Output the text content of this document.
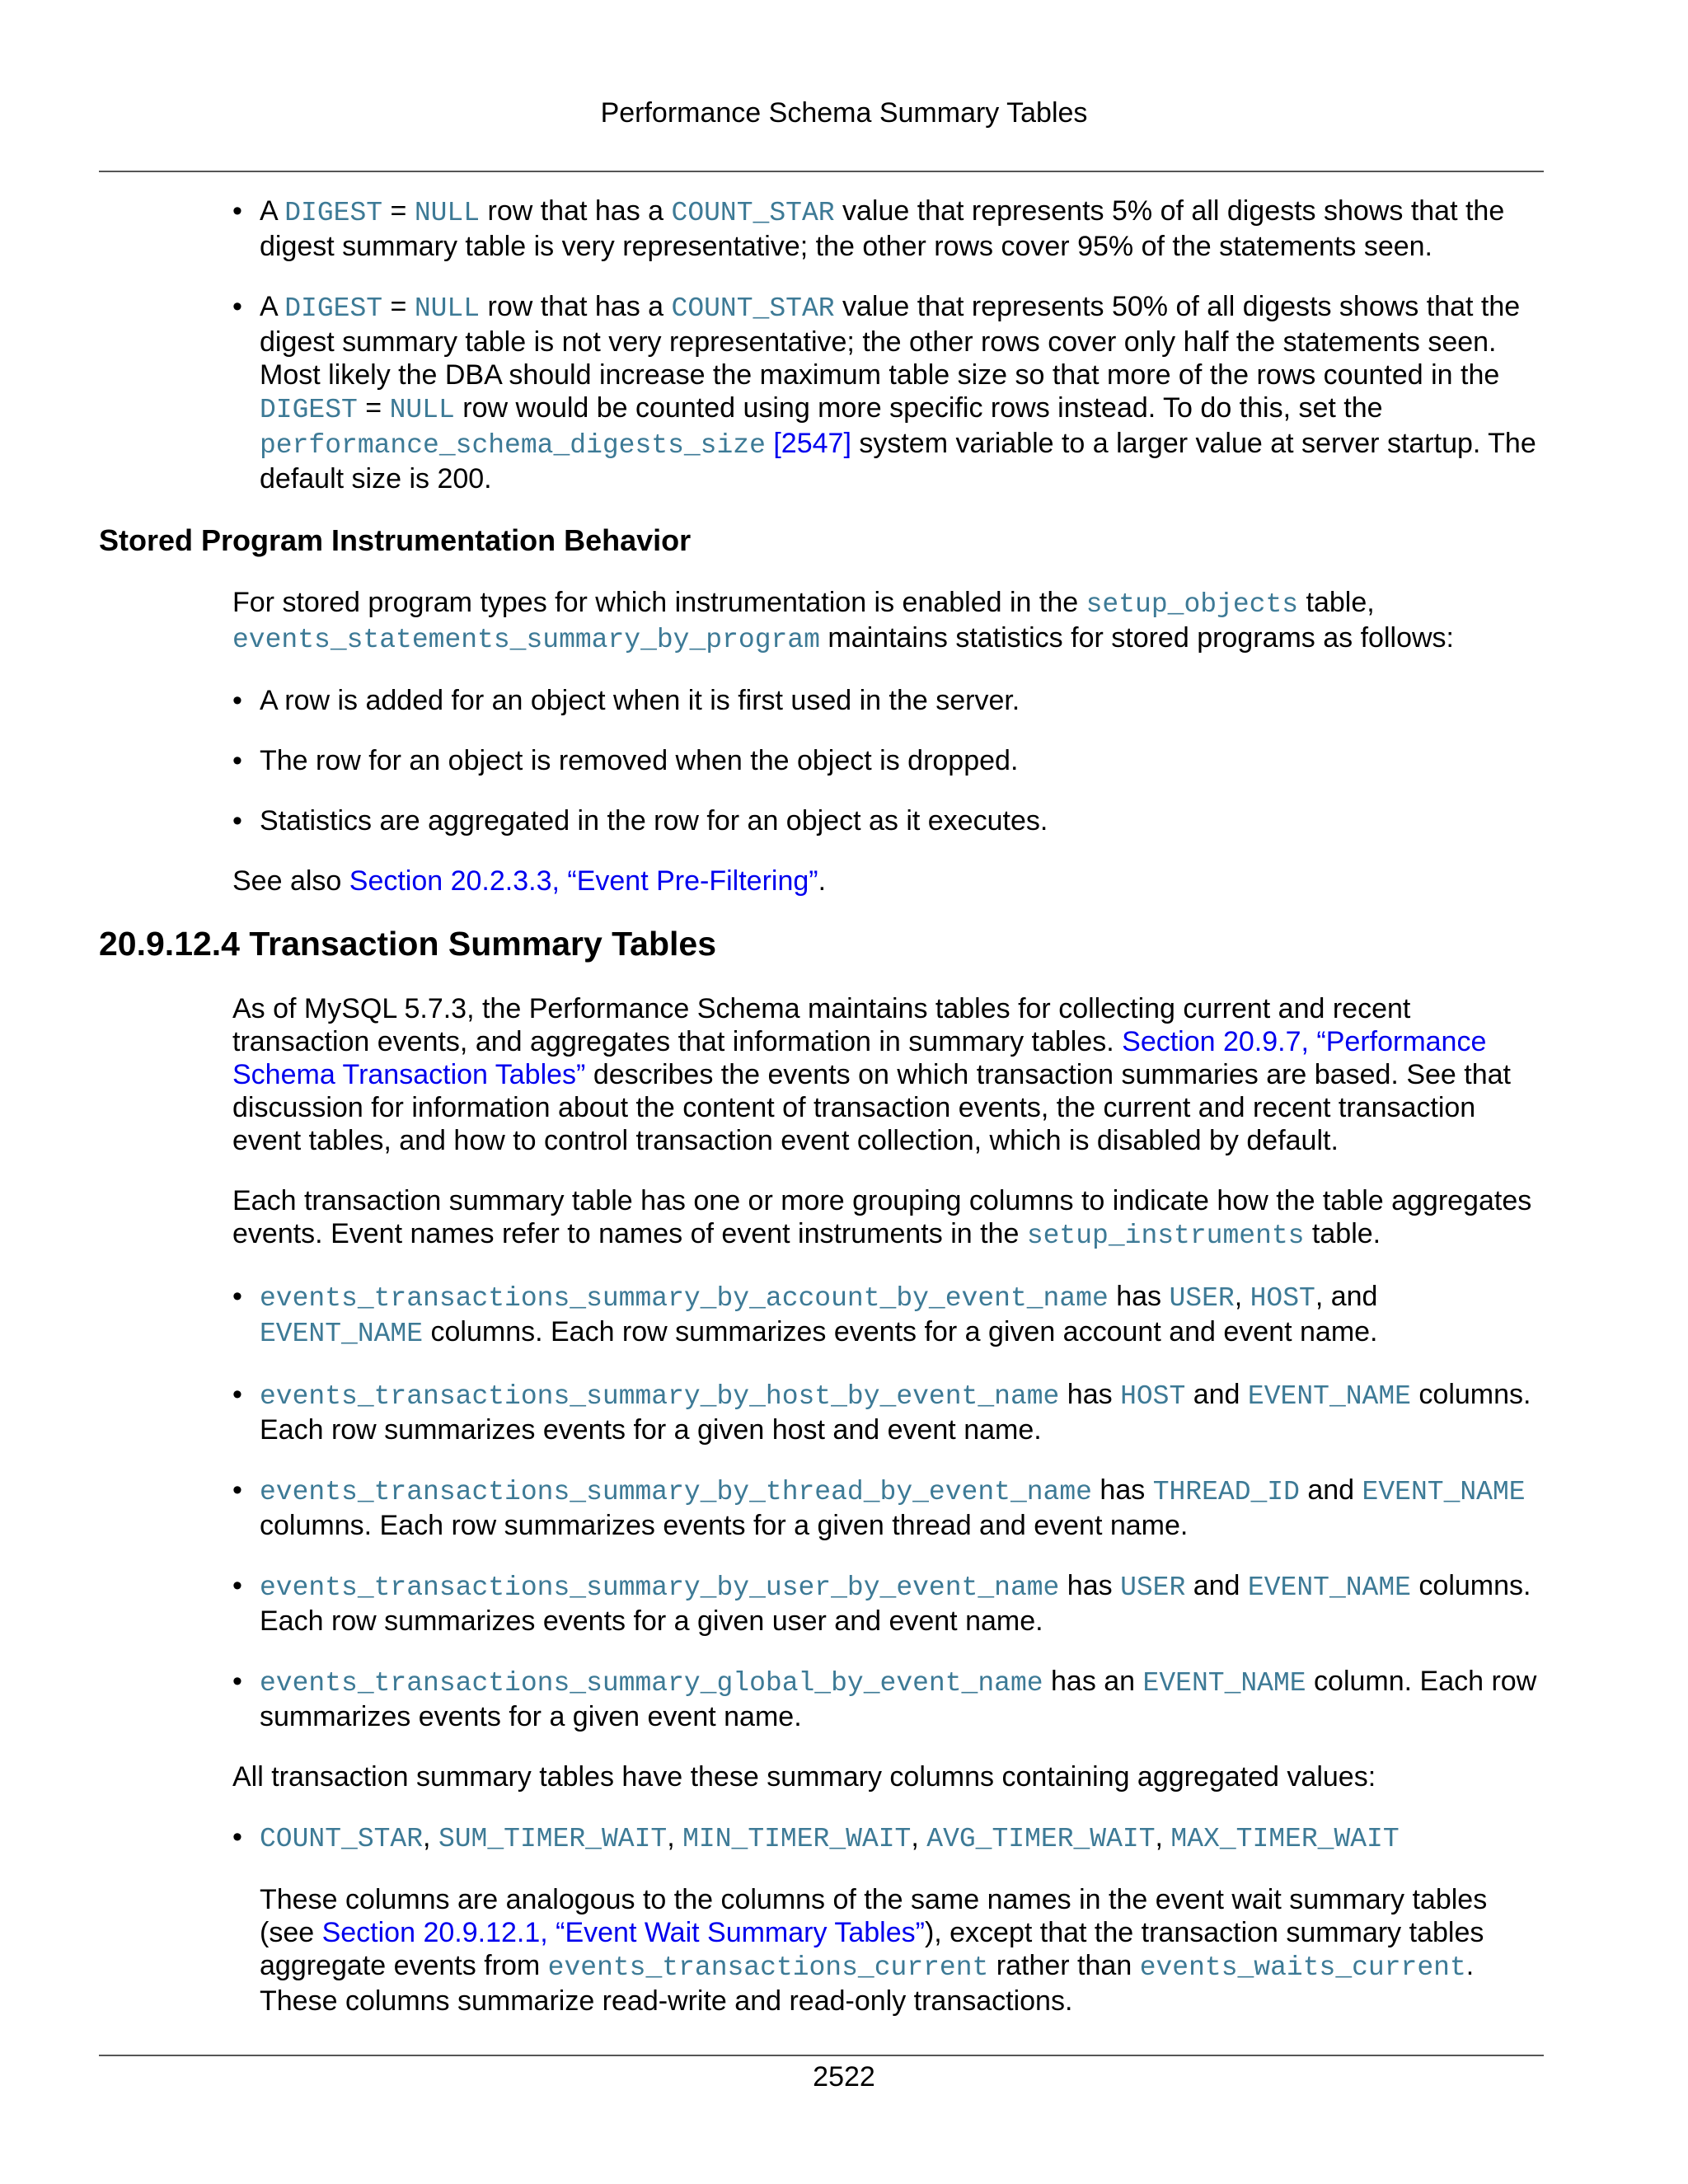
Performance Schema Summary Tables
• A DIGEST = NULL row that has a COUNT_STAR value that represents 5% of all digests shows that the digest summary table is very representative; the other rows cover 95% of the statements seen.
• A DIGEST = NULL row that has a COUNT_STAR value that represents 50% of all digests shows that the digest summary table is not very representative; the other rows cover only half the statements seen. Most likely the DBA should increase the maximum table size so that more of the rows counted in the DIGEST = NULL row would be counted using more specific rows instead. To do this, set the performance_schema_digests_size [2547] system variable to a larger value at server startup. The default size is 200.
Stored Program Instrumentation Behavior

For stored program types for which instrumentation is enabled in the setup_objects table, events_statements_summary_by_program maintains statistics for stored programs as follows:

• A row is added for an object when it is first used in the server.
• The row for an object is removed when the object is dropped.
• Statistics are aggregated in the row for an object as it executes.

See also Section 20.2.3.3, “Event Pre-Filtering”.

20.9.12.4 Transaction Summary Tables

As of MySQL 5.7.3, the Performance Schema maintains tables for collecting current and recent transaction events, and aggregates that information in summary tables. Section 20.9.7, “Performance Schema Transaction Tables” describes the events on which transaction summaries are based. See that discussion for information about the content of transaction events, the current and recent transaction event tables, and how to control transaction event collection, which is disabled by default.

Each transaction summary table has one or more grouping columns to indicate how the table aggregates events. Event names refer to names of event instruments in the setup_instruments table.

• events_transactions_summary_by_account_by_event_name has USER, HOST, and EVENT_NAME columns. Each row summarizes events for a given account and event name.
• events_transactions_summary_by_host_by_event_name has HOST and EVENT_NAME columns. Each row summarizes events for a given host and event name.
• events_transactions_summary_by_thread_by_event_name has THREAD_ID and EVENT_NAME columns. Each row summarizes events for a given thread and event name.
• events_transactions_summary_by_user_by_event_name has USER and EVENT_NAME columns. Each row summarizes events for a given user and event name.
• events_transactions_summary_global_by_event_name has an EVENT_NAME column. Each row summarizes events for a given event name.

All transaction summary tables have these summary columns containing aggregated values:

• COUNT_STAR, SUM_TIMER_WAIT, MIN_TIMER_WAIT, AVG_TIMER_WAIT, MAX_TIMER_WAIT

These columns are analogous to the columns of the same names in the event wait summary tables (see Section 20.9.12.1, “Event Wait Summary Tables”), except that the transaction summary tables aggregate events from events_transactions_current rather than events_waits_current. These columns summarize read-write and read-only transactions.

2522
